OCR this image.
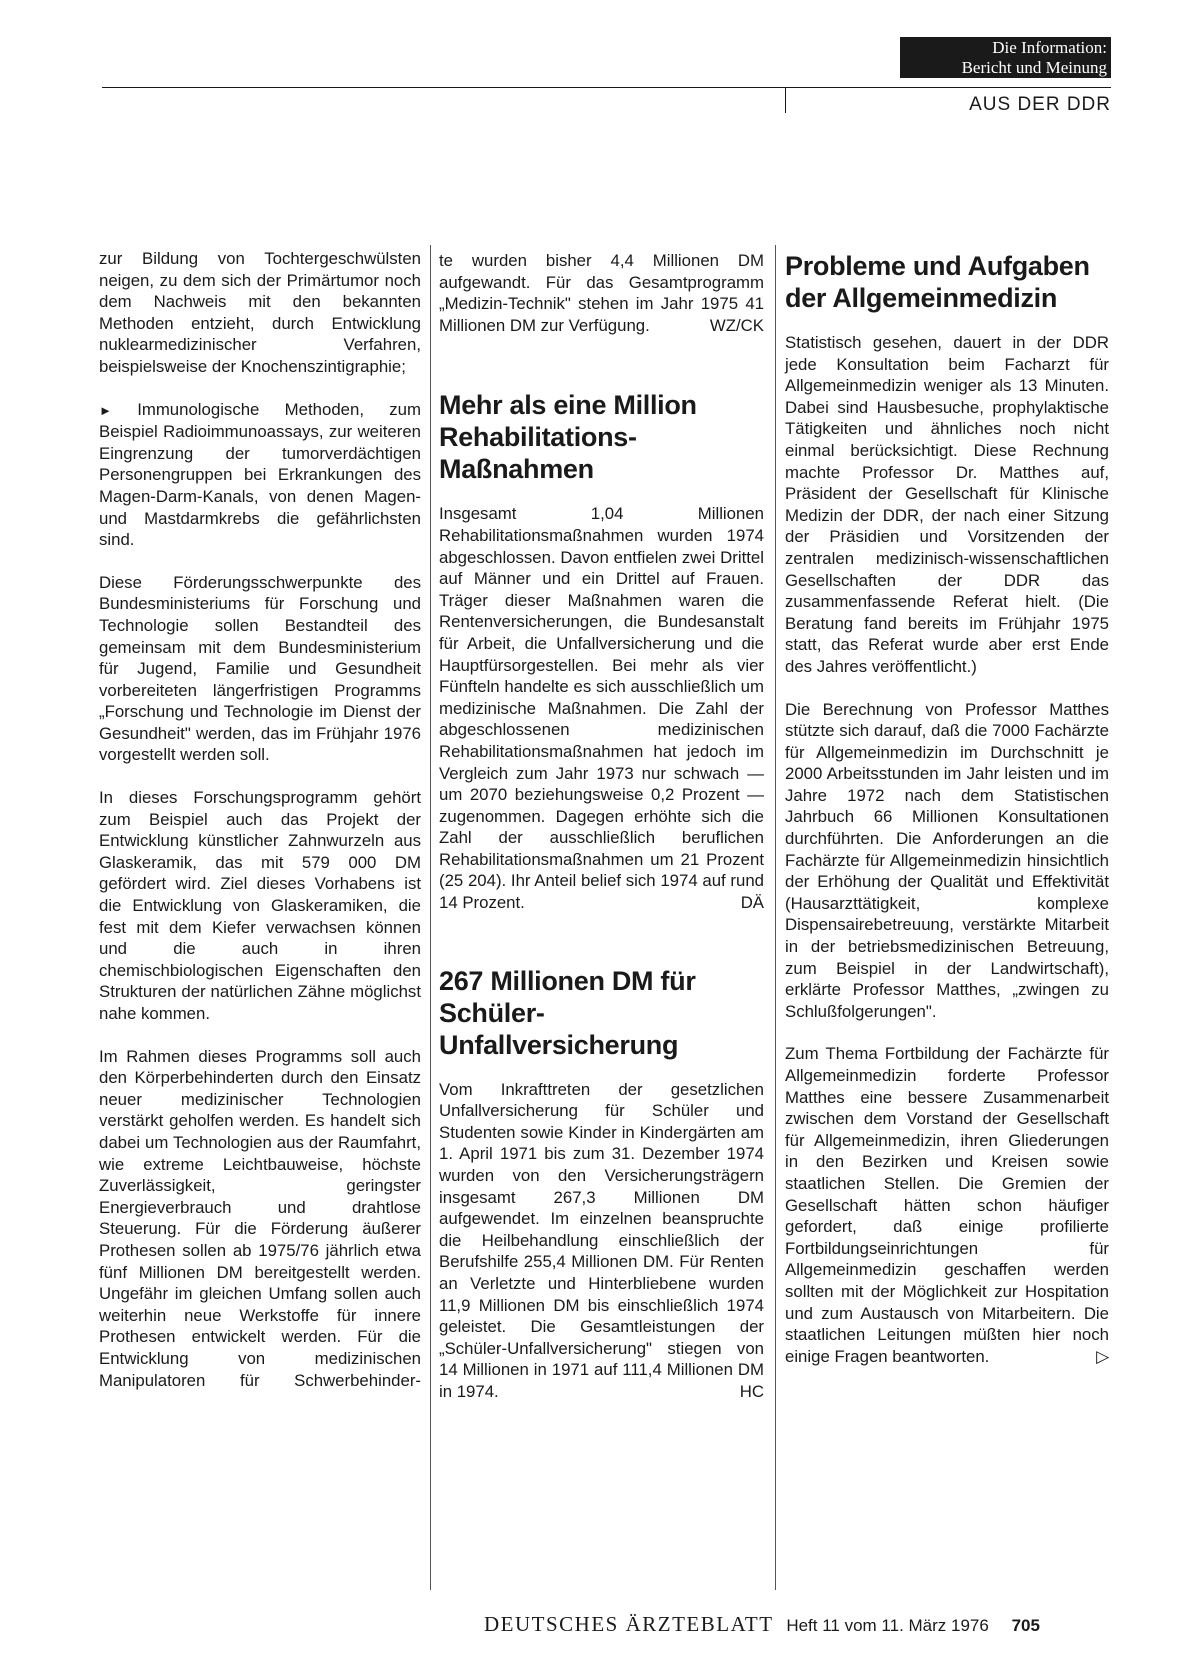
Die Information:
Bericht und Meinung
AUS DER DDR

zur Bildung von Tochtergeschwülsten neigen, zu dem sich der Primärtumor noch dem Nachweis mit den bekannten Methoden entzieht, durch Entwicklung nuklearmedizinischer Verfahren, beispielsweise der Knochenszintigraphie;

► Immunologische Methoden, zum Beispiel Radioimmunoassays, zur weiteren Eingrenzung der tumorverdächtigen Personengruppen bei Erkrankungen des Magen-Darm-Kanals, von denen Magen- und Mastdarmkrebs die gefährlichsten sind.

Diese Förderungsschwerpunkte des Bundesministeriums für Forschung und Technologie sollen Bestandteil des gemeinsam mit dem Bundesministerium für Jugend, Familie und Gesundheit vorbereiteten längerfristigen Programms „Forschung und Technologie im Dienst der Gesundheit" werden, das im Frühjahr 1976 vorgestellt werden soll.

In dieses Forschungsprogramm gehört zum Beispiel auch das Projekt der Entwicklung künstlicher Zahnwurzeln aus Glaskeramik, das mit 579 000 DM gefördert wird. Ziel dieses Vorhabens ist die Entwicklung von Glaskeramiken, die fest mit dem Kiefer verwachsen können und die auch in ihren chemischbiologischen Eigenschaften den Strukturen der natürlichen Zähne möglichst nahe kommen.

Im Rahmen dieses Programms soll auch den Körperbehinderten durch den Einsatz neuer medizinischer Technologien verstärkt geholfen werden. Es handelt sich dabei um Technologien aus der Raumfahrt, wie extreme Leichtbauweise, höchste Zuverlässigkeit, geringster Energieverbrauch und drahtlose Steuerung. Für die Förderung äußerer Prothesen sollen ab 1975/76 jährlich etwa fünf Millionen DM bereitgestellt werden. Ungefähr im gleichen Umfang sollen auch weiterhin neue Werkstoffe für innere Prothesen entwickelt werden. Für die Entwicklung von medizinischen Manipulatoren für Schwerbehinder-

te wurden bisher 4,4 Millionen DM aufgewandt. Für das Gesamtprogramm „Medizin-Technik" stehen im Jahr 1975 41 Millionen DM zur Verfügung.	WZ/CK

Mehr als eine Million Rehabilitations-Maßnahmen

Insgesamt 1,04 Millionen Rehabilitationsmaßnahmen wurden 1974 abgeschlossen. Davon entfielen zwei Drittel auf Männer und ein Drittel auf Frauen. Träger dieser Maßnahmen waren die Rentenversicherungen, die Bundesanstalt für Arbeit, die Unfallversicherung und die Hauptfürsorgestellen. Bei mehr als vier Fünfteln handelte es sich ausschließlich um medizinische Maßnahmen. Die Zahl der abgeschlossenen medizinischen Rehabilitationsmaßnahmen hat jedoch im Vergleich zum Jahr 1973 nur schwach — um 2070 beziehungsweise 0,2 Prozent — zugenommen. Dagegen erhöhte sich die Zahl der ausschließlich beruflichen Rehabilitationsmaßnahmen um 21 Prozent (25 204). Ihr Anteil belief sich 1974 auf rund 14 Prozent.	DÄ

267 Millionen DM für Schüler-Unfallversicherung

Vom Inkrafttreten der gesetzlichen Unfallversicherung für Schüler und Studenten sowie Kinder in Kindergärten am 1. April 1971 bis zum 31. Dezember 1974 wurden von den Versicherungsträgern insgesamt 267,3 Millionen DM aufgewendet. Im einzelnen beanspruchte die Heilbehandlung einschließlich der Berufshilfe 255,4 Millionen DM. Für Renten an Verletzte und Hinterbliebene wurden 11,9 Millionen DM bis einschließlich 1974 geleistet. Die Gesamtleistungen der „Schüler-Unfallversicherung" stiegen von 14 Millionen in 1971 auf 111,4 Millionen DM in 1974.	HC

Probleme und Aufgaben der Allgemeinmedizin

Statistisch gesehen, dauert in der DDR jede Konsultation beim Facharzt für Allgemeinmedizin weniger als 13 Minuten. Dabei sind Hausbesuche, prophylaktische Tätigkeiten und ähnliches noch nicht einmal berücksichtigt. Diese Rechnung machte Professor Dr. Matthes auf, Präsident der Gesellschaft für Klinische Medizin der DDR, der nach einer Sitzung der Präsidien und Vorsitzenden der zentralen medizinisch-wissenschaftlichen Gesellschaften der DDR das zusammenfassende Referat hielt. (Die Beratung fand bereits im Frühjahr 1975 statt, das Referat wurde aber erst Ende des Jahres veröffentlicht.)

Die Berechnung von Professor Matthes stützte sich darauf, daß die 7000 Fachärzte für Allgemeinmedizin im Durchschnitt je 2000 Arbeitsstunden im Jahr leisten und im Jahre 1972 nach dem Statistischen Jahrbuch 66 Millionen Konsultationen durchführten. Die Anforderungen an die Fachärzte für Allgemeinmedizin hinsichtlich der Erhöhung der Qualität und Effektivität (Hausarzttätigkeit, komplexe Dispensairebetreuung, verstärkte Mitarbeit in der betriebsmedizinischen Betreuung, zum Beispiel in der Landwirtschaft), erklärte Professor Matthes, „zwingen zu Schlußfolgerungen".

Zum Thema Fortbildung der Fachärzte für Allgemeinmedizin forderte Professor Matthes eine bessere Zusammenarbeit zwischen dem Vorstand der Gesellschaft für Allgemeinmedizin, ihren Gliederungen in den Bezirken und Kreisen sowie staatlichen Stellen. Die Gremien der Gesellschaft hätten schon häufiger gefordert, daß einige profilierte Fortbildungseinrichtungen für Allgemeinmedizin geschaffen werden sollten mit der Möglichkeit zur Hospitation und zum Austausch von Mitarbeitern. Die staatlichen Leitungen müßten hier noch einige Fragen beantworten.	▷

DEUTSCHES ÄRZTEBLATT Heft 11 vom 11. März 1976 705
